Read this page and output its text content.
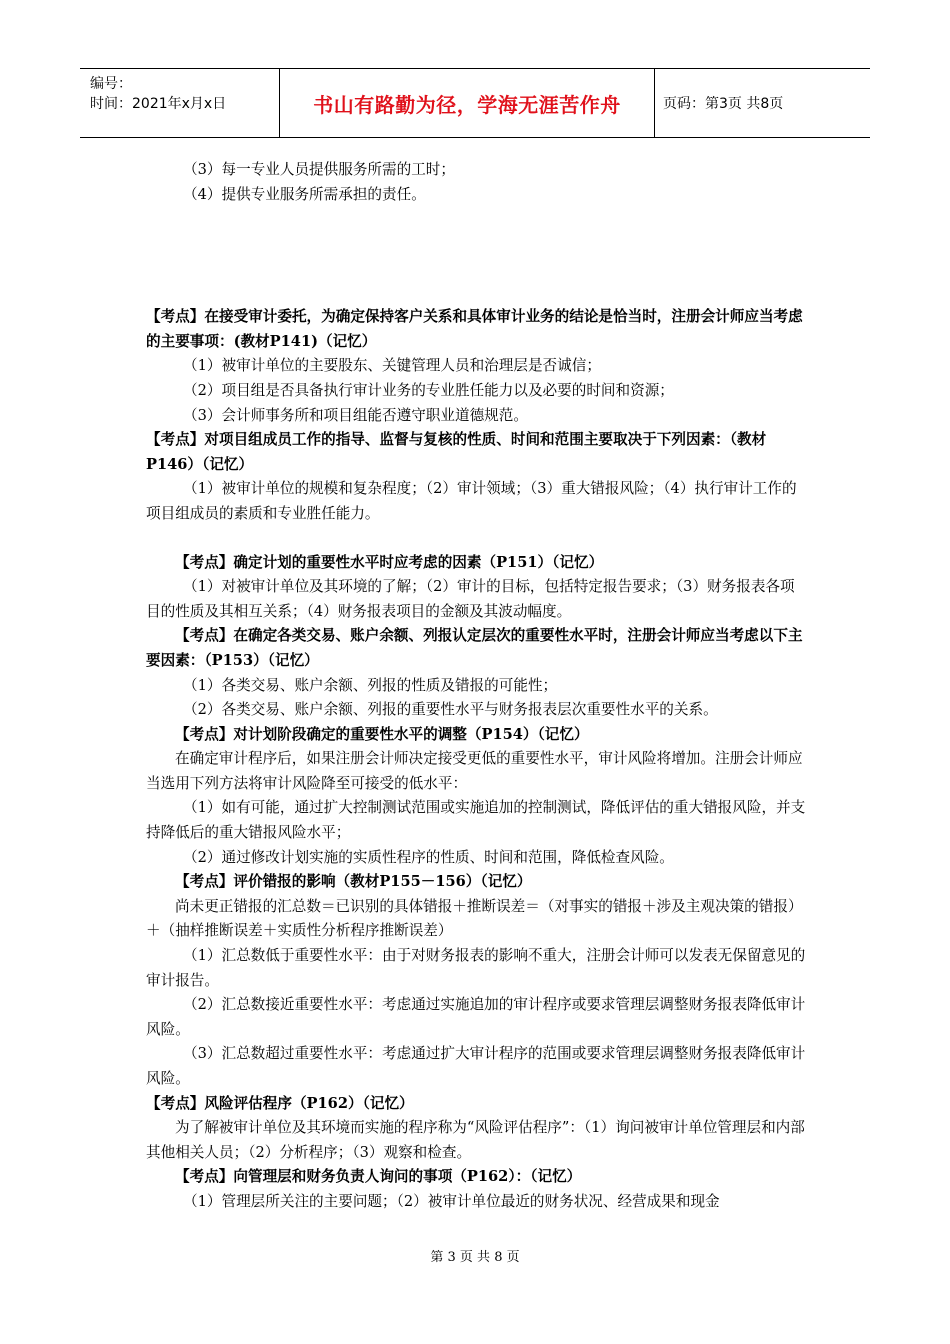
编号：
时间：2021年x月x日	书山有路勤为径，学海无涯苦作舟	页码：第3页 共8页

（3）每一专业人员提供服务所需的工时；

（4）提供专业服务所需承担的责任。

【考点】在接受审计委托，为确定保持客户关系和具体审计业务的结论是恰当时，注册会计师应当考虑的主要事项：(教材P141)（记忆）

（1）被审计单位的主要股东、关键管理人员和治理层是否诚信；

（2）项目组是否具备执行审计业务的专业胜任能力以及必要的时间和资源；

（3）会计师事务所和项目组能否遵守职业道德规范。

【考点】对项目组成员工作的指导、监督与复核的性质、时间和范围主要取决于下列因素：（教材P146）（记忆）

（1）被审计单位的规模和复杂程度；（2）审计领域；（3）重大错报风险；（4）执行审计工作的项目组成员的素质和专业胜任能力。

【考点】确定计划的重要性水平时应考虑的因素（P151）（记忆）

（1）对被审计单位及其环境的了解；（2）审计的目标，包括特定报告要求；（3）财务报表各项目的性质及其相互关系；（4）财务报表项目的金额及其波动幅度。

【考点】在确定各类交易、账户余额、列报认定层次的重要性水平时，注册会计师应当考虑以下主要因素：（P153）（记忆）

（1）各类交易、账户余额、列报的性质及错报的可能性；

（2）各类交易、账户余额、列报的重要性水平与财务报表层次重要性水平的关系。

【考点】对计划阶段确定的重要性水平的调整（P154）（记忆）

在确定审计程序后，如果注册会计师决定接受更低的重要性水平，审计风险将增加。注册会计师应当选用下列方法将审计风险降至可接受的低水平：

（1）如有可能，通过扩大控制测试范围或实施追加的控制测试，降低评估的重大错报风险，并支持降低后的重大错报风险水平；

（2）通过修改计划实施的实质性程序的性质、时间和范围，降低检查风险。

【考点】评价错报的影响（教材P155－156）（记忆）

尚未更正错报的汇总数＝已识别的具体错报＋推断误差＝（对事实的错报＋涉及主观决策的错报）＋（抽样推断误差＋实质性分析程序推断误差）

（1）汇总数低于重要性水平：由于对财务报表的影响不重大，注册会计师可以发表无保留意见的审计报告。

（2）汇总数接近重要性水平：考虑通过实施追加的审计程序或要求管理层调整财务报表降低审计风险。

（3）汇总数超过重要性水平：考虑通过扩大审计程序的范围或要求管理层调整财务报表降低审计风险。

【考点】风险评估程序（P162）（记忆）

为了解被审计单位及其环境而实施的程序称为“风险评估程序”：（1）询问被审计单位管理层和内部其他相关人员；（2）分析程序；（3）观察和检查。

【考点】向管理层和财务负责人询问的事项（P162）：（记忆）

（1）管理层所关注的主要问题；（2）被审计单位最近的财务状况、经营成果和现金

第 3 页 共 8 页
